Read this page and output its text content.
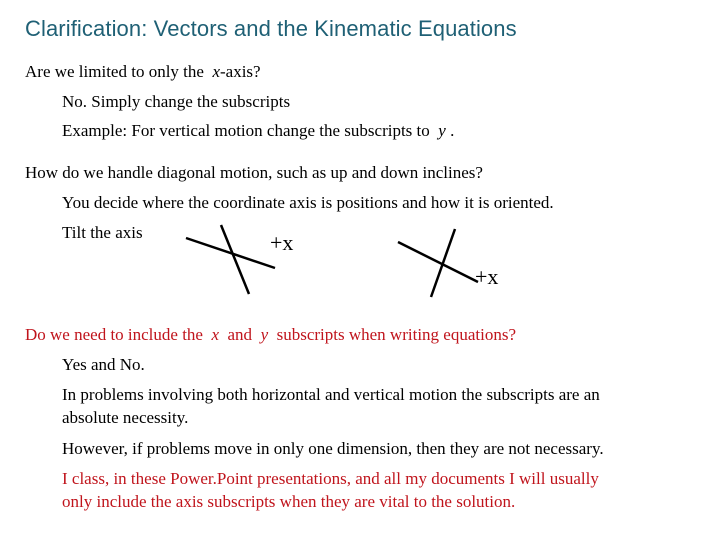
Clarification: Vectors and the Kinematic Equations
Are we limited to only the x-axis?
No. Simply change the subscripts
Example: For vertical motion change the subscripts to y .
How do we handle diagonal motion, such as up and down inclines?
You decide where the coordinate axis is positions and how it is oriented.
Tilt the axis	+x
+x
Do we need to include the x and y subscripts when writing equations?
Yes and No.
In problems involving both horizontal and vertical motion the subscripts are an
absolute necessity.
However, if problems move in only one dimension, then they are not necessary.
I class, in these Power.Point presentations, and all my documents I will usually
only include the axis subscripts when they are vital to the solution.
